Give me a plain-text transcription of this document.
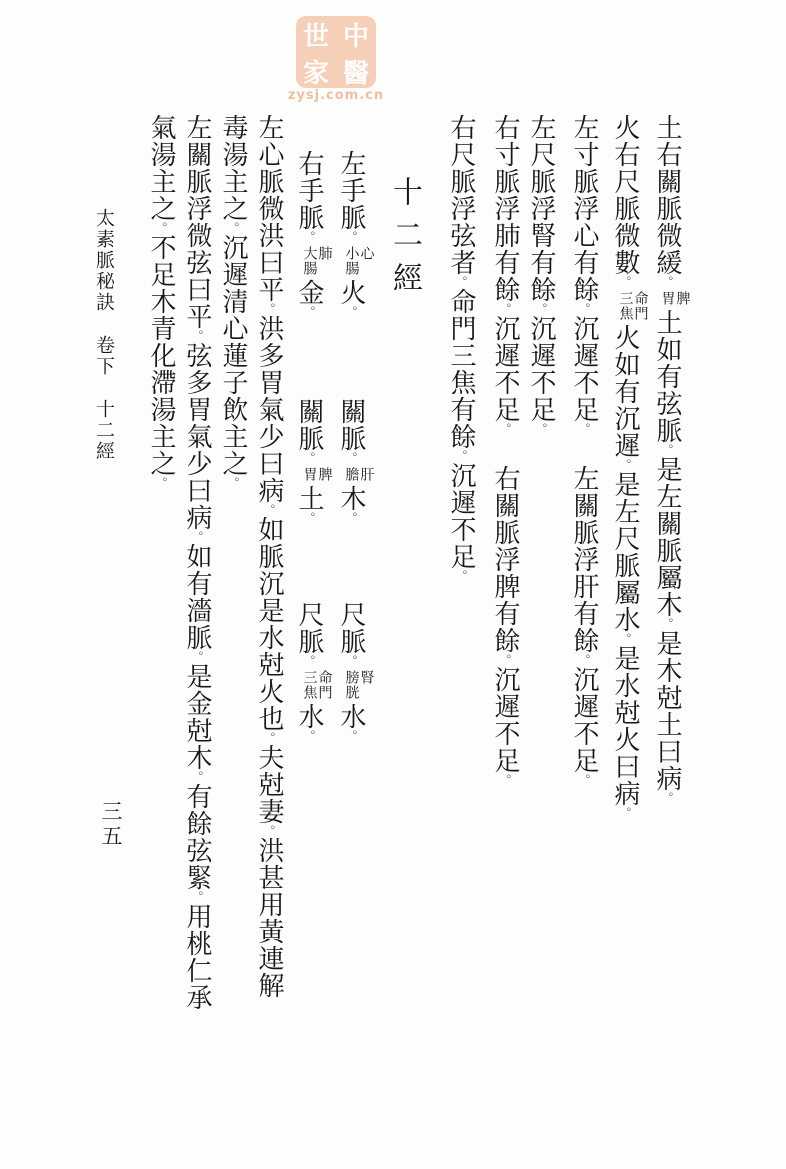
世 中
家 醫
zysj.com.cn
土右關脈微緩。
脾
胃
土如有弦脈。是左關脈屬木。是木尅土曰病。
火右尺脈微數。
命門
三焦
火如有沉遲。是左尺脈屬水。是水尅火曰病。
左寸脈浮心有餘。沉遲不足。左關脈浮肝有餘。沉遲不足。
左尺脈浮腎有餘。沉遲不足。
右寸脈浮肺有餘。沉遲不足。右關脈浮脾有餘。沉遲不足。
右尺脈浮弦者。命門三焦有餘。沉遲不足。
十二經
左手脈。
心
小腸
火。
右手脈。
肺
大腸
金。
關脈。
肝
膽
木。
關脈。
脾
胃
土。
尺脈。
腎
膀胱
水。
尺脈。
命門
三焦
水。
左心脈微洪曰平。洪多胃氣少曰病。如脈沉是水尅火也。夫尅妻。洪甚用黃連解
毒湯主之。沉遲清心蓮子飲主之。
左關脈浮微弦曰平。弦多胃氣少曰病。如有濇脈。是金尅木。有餘弦緊。用桃仁承
氣湯主之。不足木青化滯湯主之。
太素脈秘訣卷下十二經
三五
